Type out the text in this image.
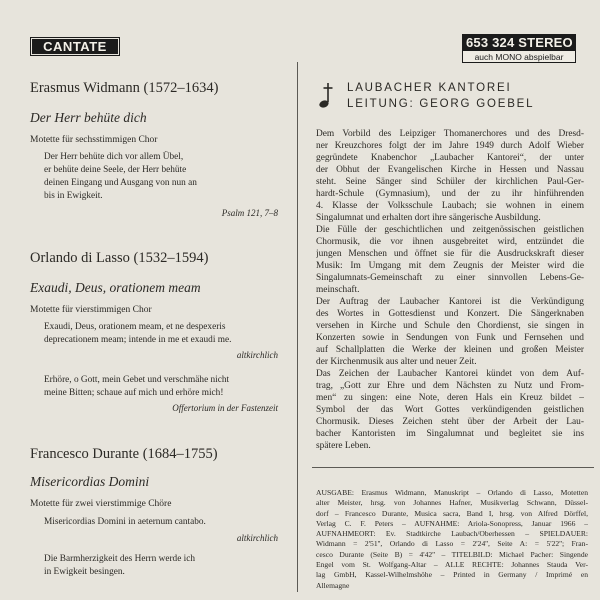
CANTATE	653 324 STEREO
auch MONO abspielbar
Erasmus Widmann (1572–1634)
Der Herr behüte dich
Motette für sechsstimmigen Chor
Der Herr behüte dich vor allem Übel,
er behüte deine Seele, der Herr behüte
deinen Eingang und Ausgang von nun an
bis in Ewigkeit.
Psalm 121, 7–8
Orlando di Lasso (1532–1594)
Exaudi, Deus, orationem meam
Motette für vierstimmigen Chor
Exaudi, Deus, orationem meam, et ne despexeris
deprecationem meam; intende in me et exaudi me.
altkirchlich
Erhöre, o Gott, mein Gebet und verschmähe nicht
meine Bitten; schaue auf mich und erhöre mich!
Offertorium in der Fastenzeit
Francesco Durante (1684–1755)
Misericordias Domini
Motette für zwei vierstimmige Chöre
Misericordias Domini in aeternum cantabo.
altkirchlich
Die Barmherzigkeit des Herrn werde ich
in Ewigkeit besingen.
LAUBACHER KANTOREI
LEITUNG: GEORG GOEBEL
Dem Vorbild des Leipziger Thomanerchores und des Dresd-
ner Kreuzchores folgt der im Jahre 1949 durch Adolf Wieber
gegründete Knabenchor „Laubacher Kantorei“, der unter
der Obhut der Evangelischen Kirche in Hessen und Nassau
steht. Seine Sänger sind Schüler der kirchlichen Paul-Ger-
hardt-Schule (Gymnasium), und der zu ihr hinführenden
4. Klasse der Volksschule Laubach; sie wohnen in einem
Singalumnat und erhalten dort ihre sängerische Ausbildung.
Die Fülle der geschichtlichen und zeitgenössischen geistlichen
Chormusik, die vor ihnen ausgebreitet wird, entzündet die
jungen Menschen und öffnet sie für die Ausdruckskraft dieser
Musik: Im Umgang mit dem Zeugnis der Meister wird die
Singalumnats-Gemeinschaft zu einer sinnvollen Lebens-Ge-
meinschaft.
Der Auftrag der Laubacher Kantorei ist die Verkündigung
des Wortes in Gottesdienst und Konzert. Die Sängerknaben
versehen in Kirche und Schule den Chordienst, sie singen in
Konzerten sowie in Sendungen von Funk und Fernsehen und
auf Schallplatten die Werke der kleinen und großen Meister
der Kirchenmusik aus alter und neuer Zeit.
Das Zeichen der Laubacher Kantorei kündet von dem Auf-
trag, „Gott zur Ehre und dem Nächsten zu Nutz und From-
men“ zu singen: eine Note, deren Hals ein Kreuz bildet –
Symbol der das Wort Gottes verkündigenden geistlichen
Chormusik. Dieses Zeichen steht über der Arbeit der Lau-
bacher Kantoristen im Singalumnat und begleitet sie ins
spätere Leben.
AUSGABE: Erasmus Widmann, Manuskript – Orlando di Lasso, Motetten
alter Meister, hrsg. von Johannes Hafner, Musikverlag Schwann, Düssel-
dorf – Francesco Durante, Musica sacra, Band I, hrsg. von Alfred Dörffel,
Verlag C. F. Peters – AUFNAHME: Ariola-Sonopress, Januar 1966 –
AUFNAHMEORT: Ev. Stadtkirche Laubach/Oberhessen – SPIELDAUER:
Widmann = 2'51'', Orlando di Lasso = 2'24'', Seite A: = 5'22''; Fran-
cesco Durante (Seite B) = 4'42'' – TITELBILD: Michael Pacher: Singende
Engel vom St. Wolfgang-Altar – ALLE RECHTE: Johannes Stauda Ver-
lag GmbH, Kassel-Wilhelmshöhe – Printed in Germany / Imprimé en
Allemagne
